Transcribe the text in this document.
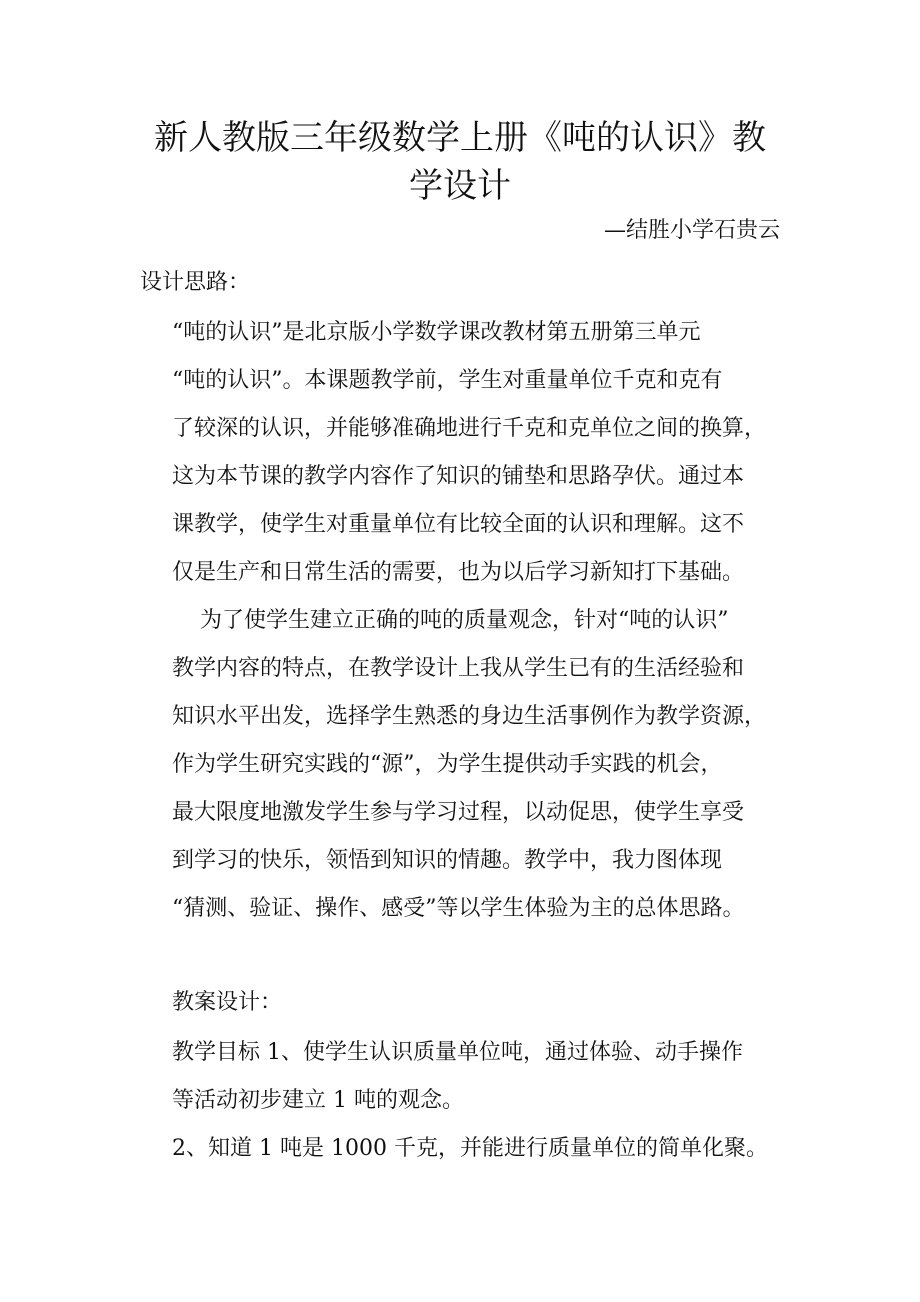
新人教版三年级数学上册《吨的认识》教
学设计
—结胜小学石贵云
设计思路：
“吨的认识”是北京版小学数学课改教材第五册第三单元
“吨的认识”。本课题教学前，学生对重量单位千克和克有
了较深的认识，并能够准确地进行千克和克单位之间的换算，
这为本节课的教学内容作了知识的铺垫和思路孕伏。通过本
课教学，使学生对重量单位有比较全面的认识和理解。这不
仅是生产和日常生活的需要，也为以后学习新知打下基础。
为了使学生建立正确的吨的质量观念，针对“吨的认识”
教学内容的特点，在教学设计上我从学生已有的生活经验和
知识水平出发，选择学生熟悉的身边生活事例作为教学资源，
作为学生研究实践的“源”，为学生提供动手实践的机会，
最大限度地激发学生参与学习过程，以动促思，使学生享受
到学习的快乐，领悟到知识的情趣。教学中，我力图体现
“猜测、验证、操作、感受”等以学生体验为主的总体思路。
教案设计：
教学目标 1、使学生认识质量单位吨，通过体验、动手操作
等活动初步建立 1 吨的观念。
2、知道 1 吨是 1000 千克，并能进行质量单位的简单化聚。
